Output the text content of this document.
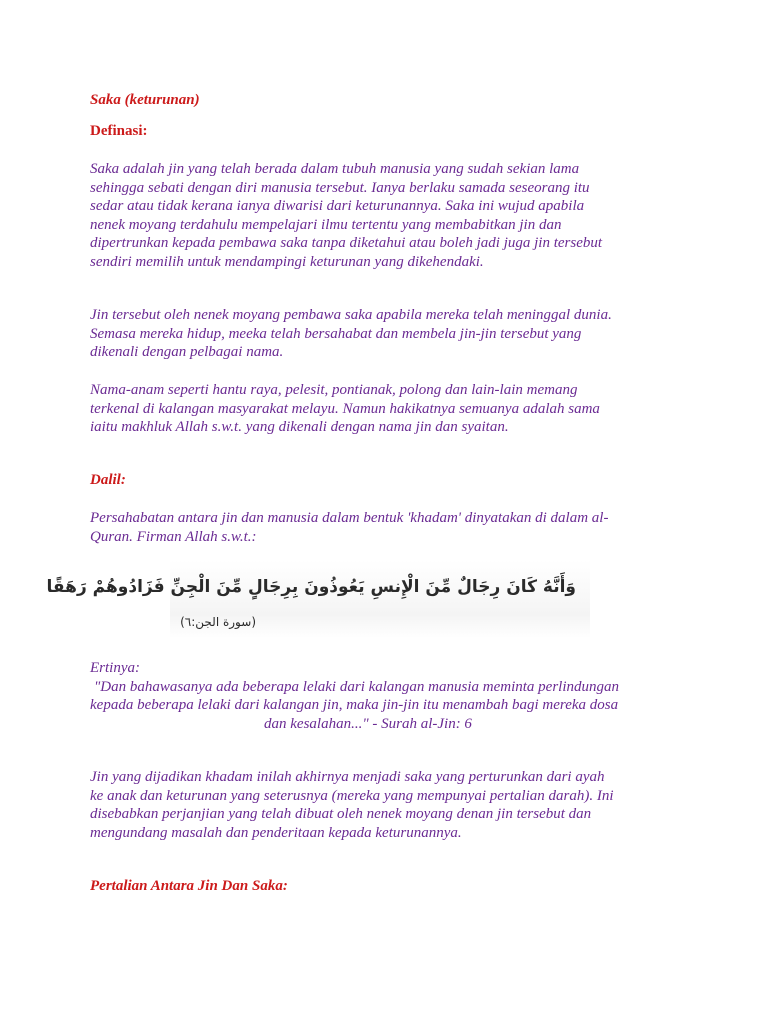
Saka (keturunan)
Definasi:

Saka adalah jin yang telah berada dalam tubuh manusia yang sudah sekian lama
sehingga sebati dengan diri manusia tersebut. Ianya berlaku samada seseorang itu
sedar atau tidak kerana ianya diwarisi dari keturunannya. Saka ini wujud apabila
nenek moyang terdahulu mempelajari ilmu tertentu yang membabitkan jin dan
dipertrunkan kepada pembawa saka tanpa diketahui atau boleh jadi juga jin tersebut
sendiri memilih untuk mendampingi keturunan yang dikehendaki.

Jin tersebut oleh nenek moyang pembawa saka apabila mereka telah meninggal dunia.
Semasa mereka hidup, meeka telah bersahabat dan membela jin-jin tersebut yang
dikenali dengan pelbagai nama.

Nama-anam seperti hantu raya, pelesit, pontianak, polong dan lain-lain memang
terkenal di kalangan masyarakat melayu. Namun hakikatnya semuanya adalah sama
iaitu makhluk Allah s.w.t. yang dikenali dengan nama jin dan syaitan.

Dalil:

Persahabatan antara jin dan manusia dalam bentuk 'khadam' dinyatakan di dalam al-
Quran. Firman Allah s.w.t.:

وَأَنَّهُ كَانَ رِجَالٌ مِّنَ الْإِنسِ يَعُوذُونَ بِرِجَالٍ مِّنَ الْجِنِّ فَزَادُوهُمْ رَهَقًا
(سورة الجن:٦)

Ertinya:
"Dan bahawasanya ada beberapa lelaki dari kalangan manusia meminta perlindungan
kepada beberapa lelaki dari kalangan jin, maka jin-jin itu menambah bagi mereka dosa
dan kesalahan..." - Surah al-Jin: 6

Jin yang dijadikan khadam inilah akhirnya menjadi saka yang perturunkan dari ayah
ke anak dan keturunan yang seterusnya (mereka yang mempunyai pertalian darah). Ini
disebabkan perjanjian yang telah dibuat oleh nenek moyang denan jin tersebut dan
mengundang masalah dan penderitaan kepada keturunannya.

Pertalian Antara Jin Dan Saka:
